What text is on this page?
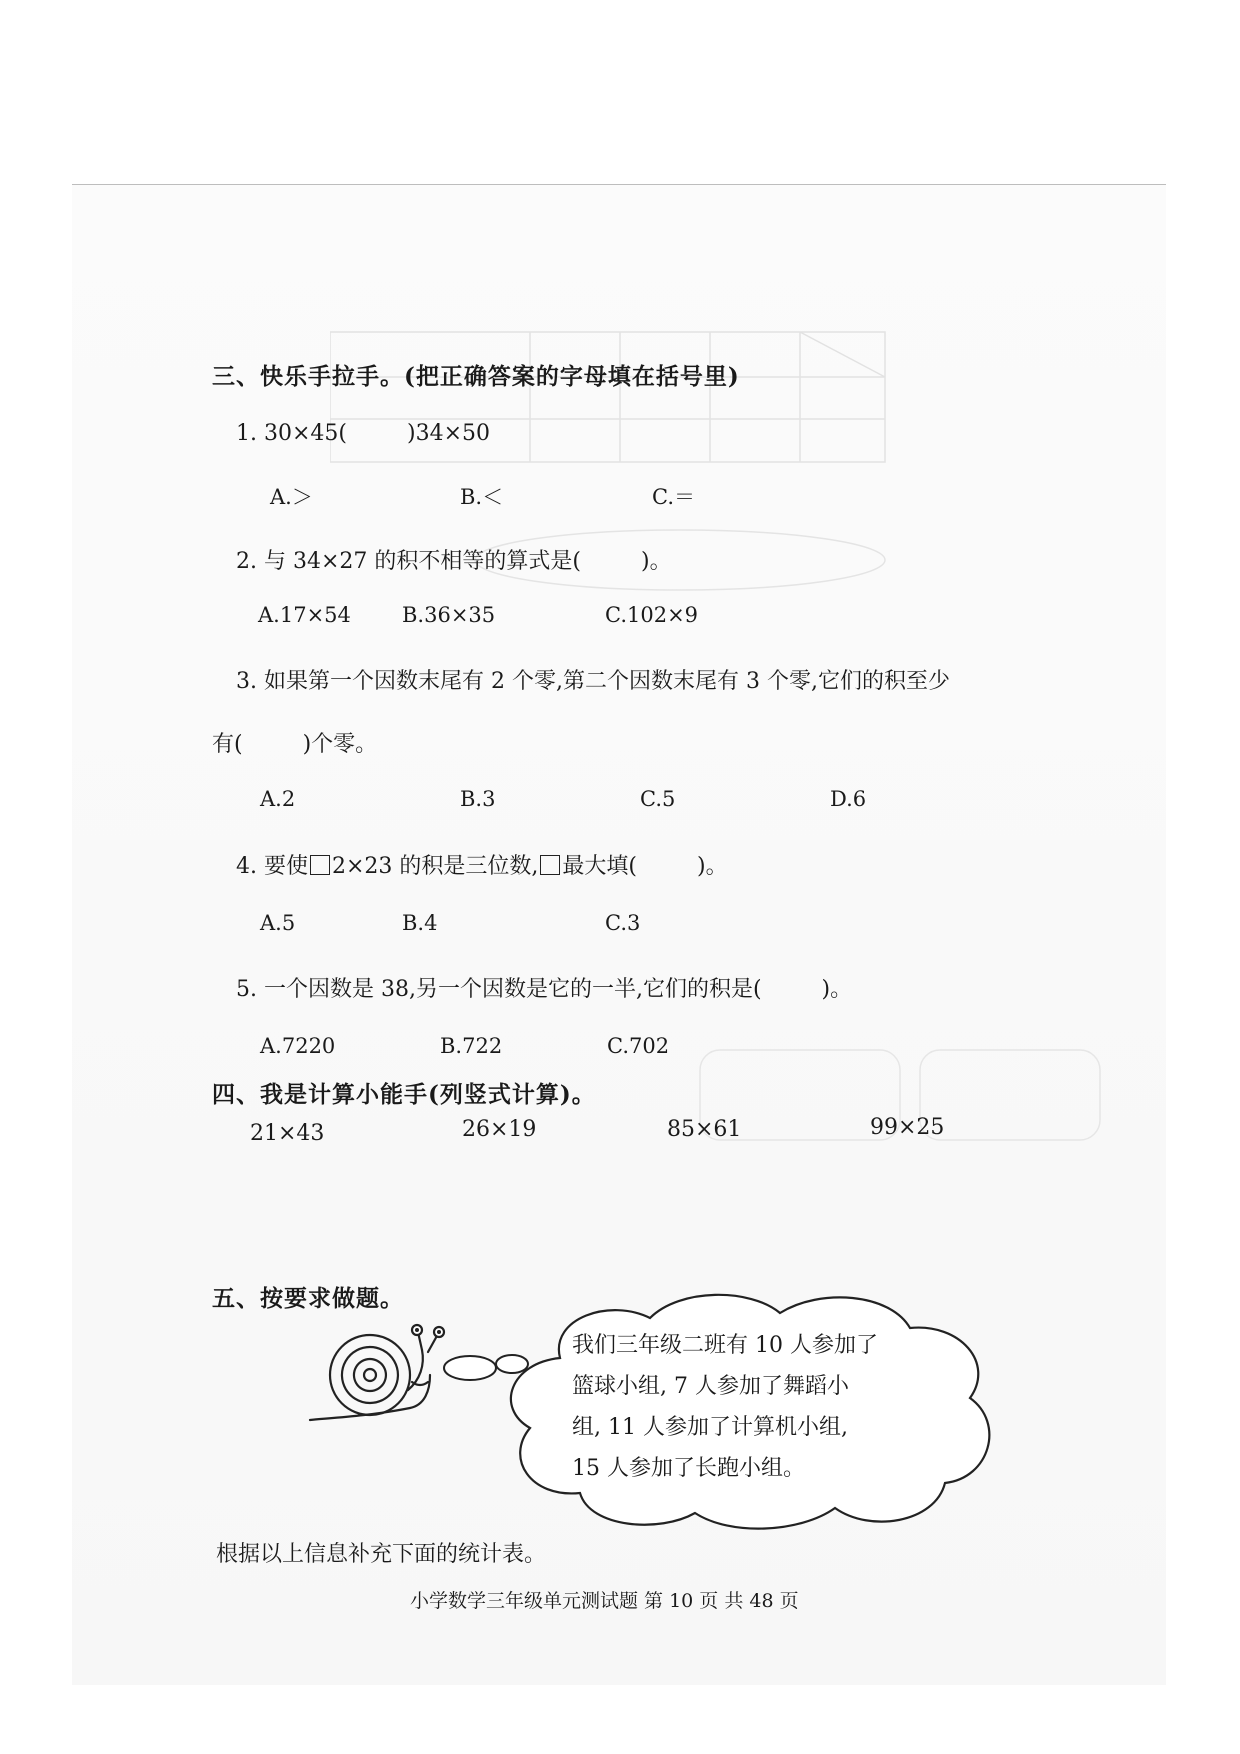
三、快乐手拉手。(把正确答案的字母填在括号里)
1. 30×45(	)34×50
A.＞	B.＜	C.＝
2. 与 34×27 的积不相等的算式是(	)。
A.17×54 B.36×35	C.102×9
3. 如果第一个因数末尾有 2 个零,第二个因数末尾有 3 个零,它们的积至少
有(	)个零。
A.2	B.3	C.5	D.6
4. 要使 2×23 的积是三位数, 最大填(	)。
A.5	B.4	C.3
5. 一个因数是 38,另一个因数是它的一半,它们的积是(	)。
A.7220	B.722	C.702
四、我是计算小能手(列竖式计算)。
21×43	26×19	85×61	99×25
五、按要求做题。
我们三年级二班有 10 人参加了
篮球小组, 7 人参加了舞蹈小
组, 11 人参加了计算机小组,
15 人参加了长跑小组。
根据以上信息补充下面的统计表。
小学数学三年级单元测试题 第 10 页 共 48 页
